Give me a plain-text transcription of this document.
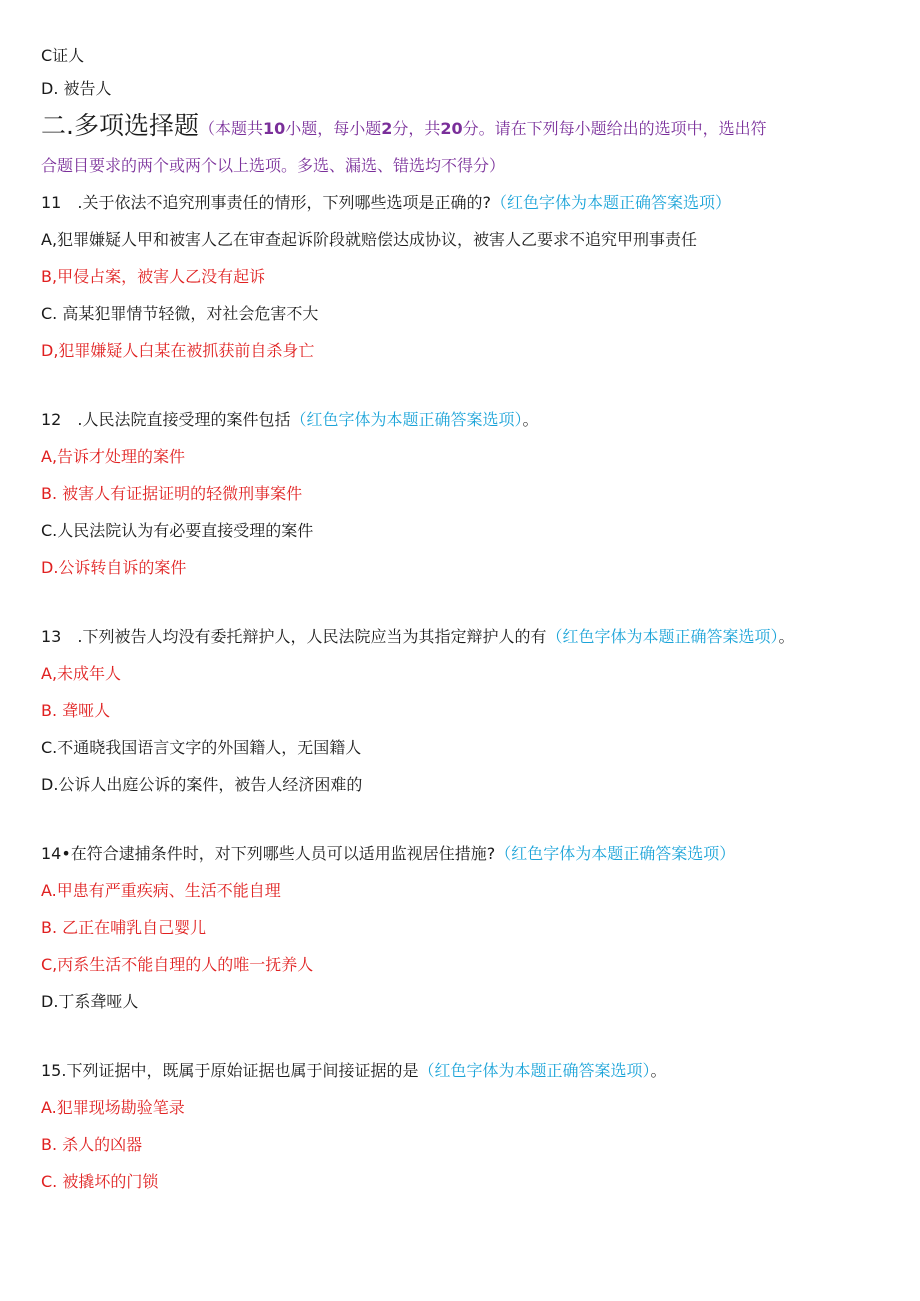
C证人
D. 被告人
二.多项选择题（本题共10小题，每小题2分，共20分。请在下列每小题给出的选项中，选出符
合题目要求的两个或两个以上选项。多选、漏选、错选均不得分）
11　.关于依法不追究刑事责任的情形，下列哪些选项是正确的?（红色字体为本题正确答案选项）
A,犯罪嫌疑人甲和被害人乙在审查起诉阶段就赔偿达成协议，被害人乙要求不追究甲刑事责任
B,甲侵占案，被害人乙没有起诉
C. 高某犯罪情节轻微，对社会危害不大
D,犯罪嫌疑人白某在被抓获前自杀身亡
12　.人民法院直接受理的案件包括（红色字体为本题正确答案选项）。
A,告诉才处理的案件
B. 被害人有证据证明的轻微刑事案件
C.人民法院认为有必要直接受理的案件
D.公诉转自诉的案件
13　.下列被告人均没有委托辩护人，人民法院应当为其指定辩护人的有（红色字体为本题正确答案选项）。
A,未成年人
B. 聋哑人
C.不通晓我国语言文字的外国籍人，无国籍人
D.公诉人出庭公诉的案件，被告人经济困难的
14•在符合逮捕条件时，对下列哪些人员可以适用监视居住措施?（红色字体为本题正确答案选项）
A.甲患有严重疾病、生活不能自理
B. 乙正在哺乳自己婴儿
C,丙系生活不能自理的人的唯一抚养人
D.丁系聋哑人
15.下列证据中，既属于原始证据也属于间接证据的是（红色字体为本题正确答案选项）。
A.犯罪现场勘验笔录
B. 杀人的凶器
C. 被撬坏的门锁
